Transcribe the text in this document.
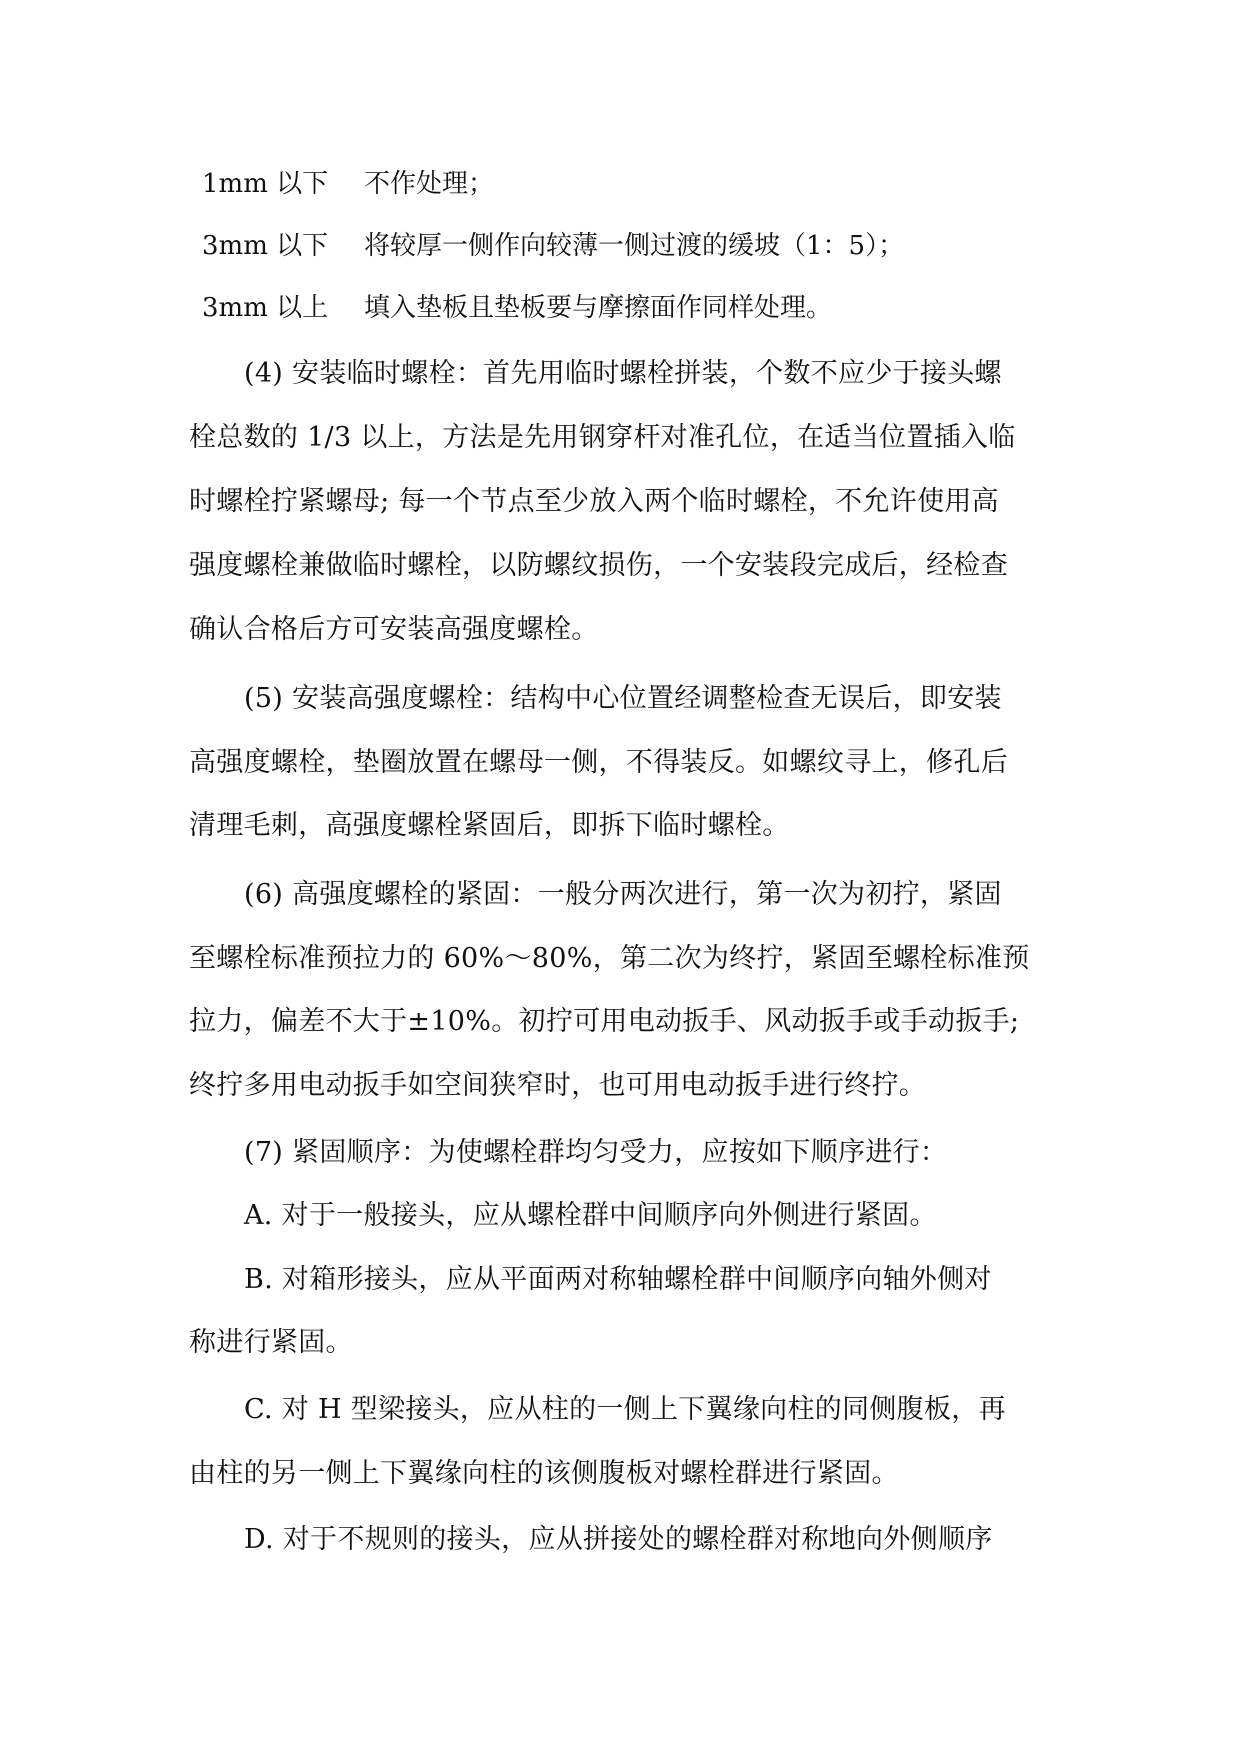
1mm 以下 不作处理；
3mm 以下 将较厚一侧作向较薄一侧过渡的缓坡（1：5）；
3mm 以上 填入垫板且垫板要与摩擦面作同样处理。
(4) 安装临时螺栓：首先用临时螺栓拼装，个数不应少于接头螺
栓总数的 1/3 以上，方法是先用钢穿杆对准孔位，在适当位置插入临
时螺栓拧紧螺母; 每一个节点至少放入两个临时螺栓，不允许使用高
强度螺栓兼做临时螺栓，以防螺纹损伤，一个安装段完成后，经检查
确认合格后方可安装高强度螺栓。
(5) 安装高强度螺栓：结构中心位置经调整检查无误后，即安装
高强度螺栓，垫圈放置在螺母一侧，不得装反。如螺纹寻上，修孔后
清理毛刺，高强度螺栓紧固后，即拆下临时螺栓。
(6) 高强度螺栓的紧固：一般分两次进行，第一次为初拧，紧固
至螺栓标准预拉力的 60%～80%，第二次为终拧，紧固至螺栓标准预
拉力，偏差不大于±10%。初拧可用电动扳手、风动扳手或手动扳手;
终拧多用电动扳手如空间狭窄时，也可用电动扳手进行终拧。
(7) 紧固顺序：为使螺栓群均匀受力，应按如下顺序进行：
A. 对于一般接头，应从螺栓群中间顺序向外侧进行紧固。
B. 对箱形接头，应从平面两对称轴螺栓群中间顺序向轴外侧对
称进行紧固。
C. 对 H 型梁接头，应从柱的一侧上下翼缘向柱的同侧腹板，再
由柱的另一侧上下翼缘向柱的该侧腹板对螺栓群进行紧固。
D. 对于不规则的接头，应从拼接处的螺栓群对称地向外侧顺序
